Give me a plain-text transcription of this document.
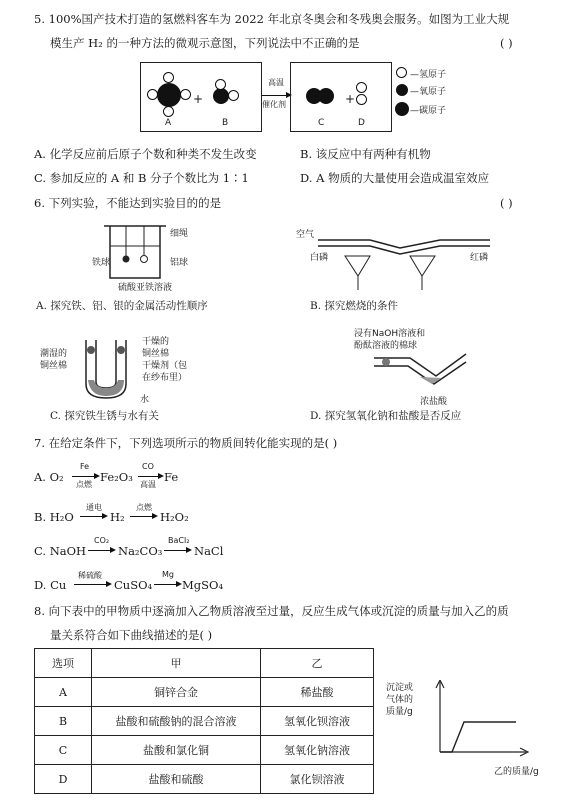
5. 100%国产技术打造的氢燃料客车为 2022 年北京冬奥会和冬残奥会服务。如图为工业大规
模生产 H₂ 的一种方法的微观示意图，下列说法中不正确的是	( )
A
+
B
高温
催化剂
C
+
D
—氢原子
—氧原子
—碳原子
A. 化学反应前后原子个数和种类不发生改变	B. 该反应中有两种有机物
C. 参加反应的 A 和 B 分子个数比为 1∶1	D. A 物质的大量使用会造成温室效应
6. 下列实验，不能达到实验目的的是	( )
细绳
铁球	铝球
硫酸亚铁溶液
A. 探究铁、铝、银的金属活动性顺序
空气
白磷	红磷
B. 探究燃烧的条件
潮湿的
铜丝棉
干燥的
铜丝棉
干燥剂（包
在纱布里）
水
C. 探究铁生锈与水有关
浸有NaOH溶液和
酚酞溶液的棉球
浓盐酸
D. 探究氢氧化钠和盐酸是否反应
7. 在给定条件下，下列选项所示的物质间转化能实现的是( )
A. O₂
Fe
点燃
Fe₂O₃
CO
高温
Fe
B. H₂O
通电
H₂
点燃
H₂O₂
C. NaOH
CO₂
Na₂CO₃
BaCl₂
NaCl
D. Cu
稀硫酸
CuSO₄
Mg
MgSO₄
8. 向下表中的甲物质中逐滴加入乙物质溶液至过量，反应生成气体或沉淀的质量与加入乙的质
量关系符合如下曲线描述的是( )
选项	甲	乙
A	铜锌合金	稀盐酸
B	盐酸和硫酸钠的混合溶液	氢氧化钡溶液
C	盐酸和氯化铜	氢氧化钠溶液
D	盐酸和硫酸	氯化钡溶液
沉淀或
气体的
质量/g
乙的质量/g
